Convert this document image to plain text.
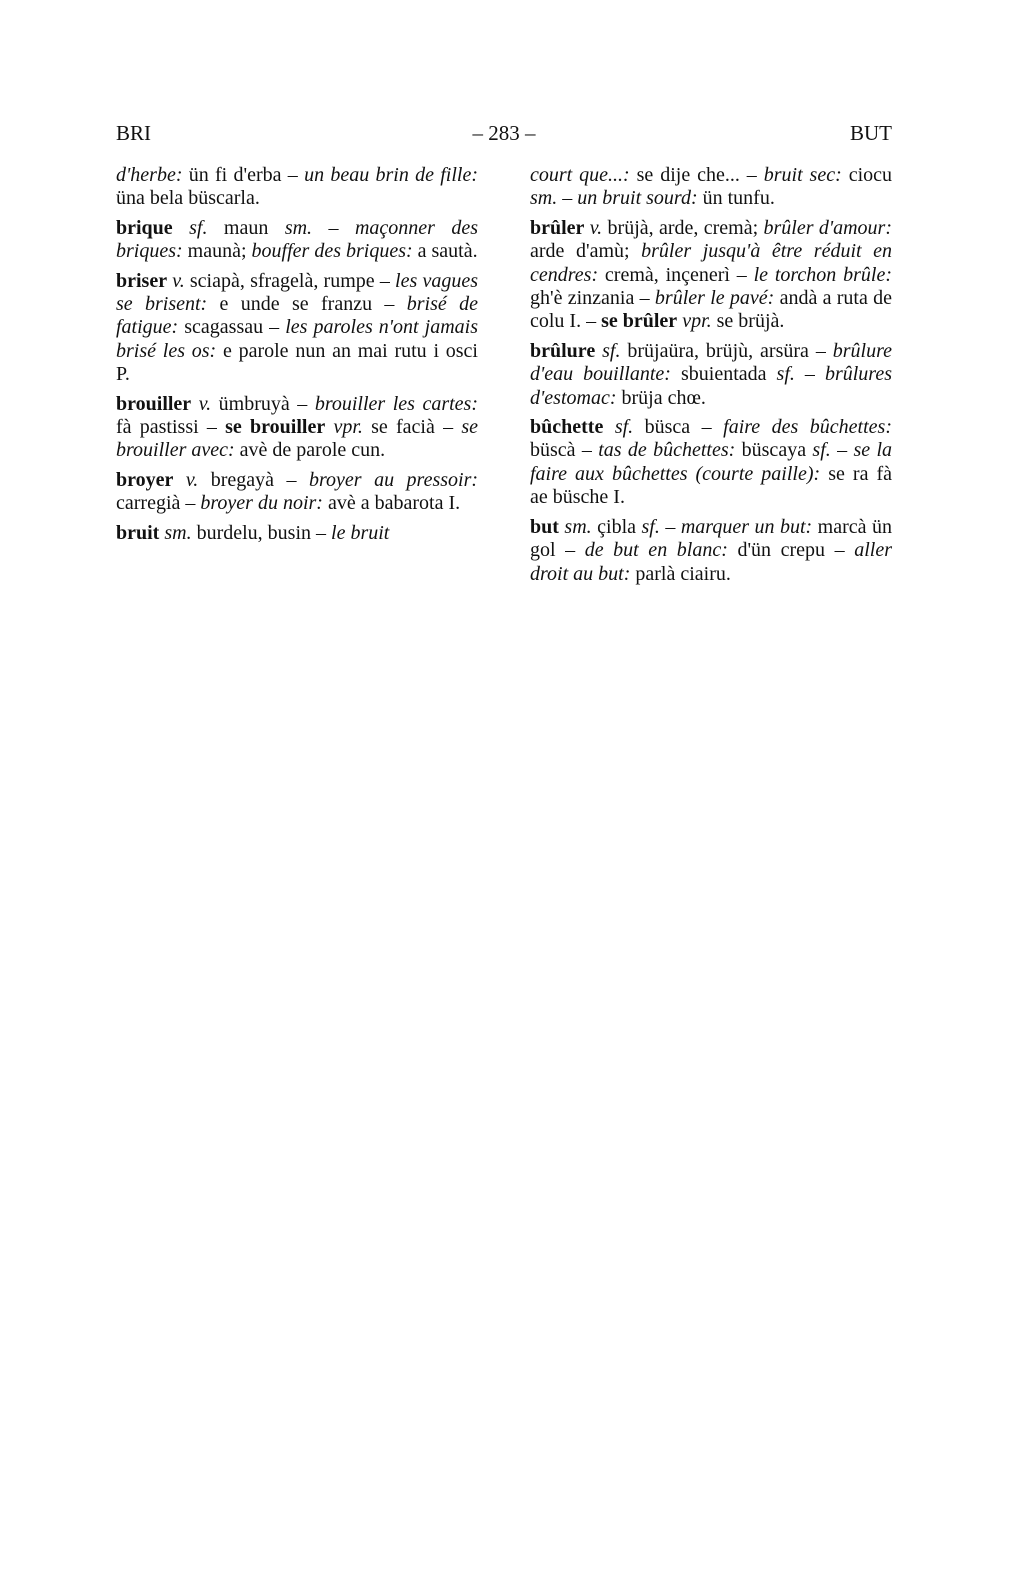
BRI	– 283 –	BUT

d'herbe: ün fi d'erba – un beau brin de fille: üna bela büscarla.

brique sf. maun sm. – maçonner des briques: maunà; bouffer des briques: a sautà.

briser v. sciapà, sfragelà, rumpe – les vagues se brisent: e unde se franzu – brisé de fatigue: scagassau – les paroles n'ont jamais brisé les os: e parole nun an mai rutu i osci P.

brouiller v. ümbruyà – brouiller les cartes: fà pastissi – se brouiller vpr. se facià – se brouiller avec: avè de parole cun.

broyer v. bregayà – broyer au pressoir: carregià – broyer du noir: avè a babarota I.

bruit sm. burdelu, busin – le bruit

court que...: se dije che... – bruit sec: ciocu sm. – un bruit sourd: ün tunfu.

brûler v. brüjà, arde, cremà; brûler d'amour: arde d'amù; brûler jusqu'à être réduit en cendres: cremà, inçenerì – le torchon brûle: gh'è zinzania – brûler le pavé: andà a ruta de colu I. – se brûler vpr. se brüjà.

brûlure sf. brüjaüra, brüjù, arsüra – brûlure d'eau bouillante: sbuientada sf. – brûlures d'estomac: brüja chœ.

bûchette sf. büsca – faire des bûchettes: büscà – tas de bûchettes: büscaya sf. – se la faire aux bûchettes (courte paille): se ra fà ae büsche I.

but sm. çibla sf. – marquer un but: marcà ün gol – de but en blanc: d'ün crepu – aller droit au but: parlà ciairu.
